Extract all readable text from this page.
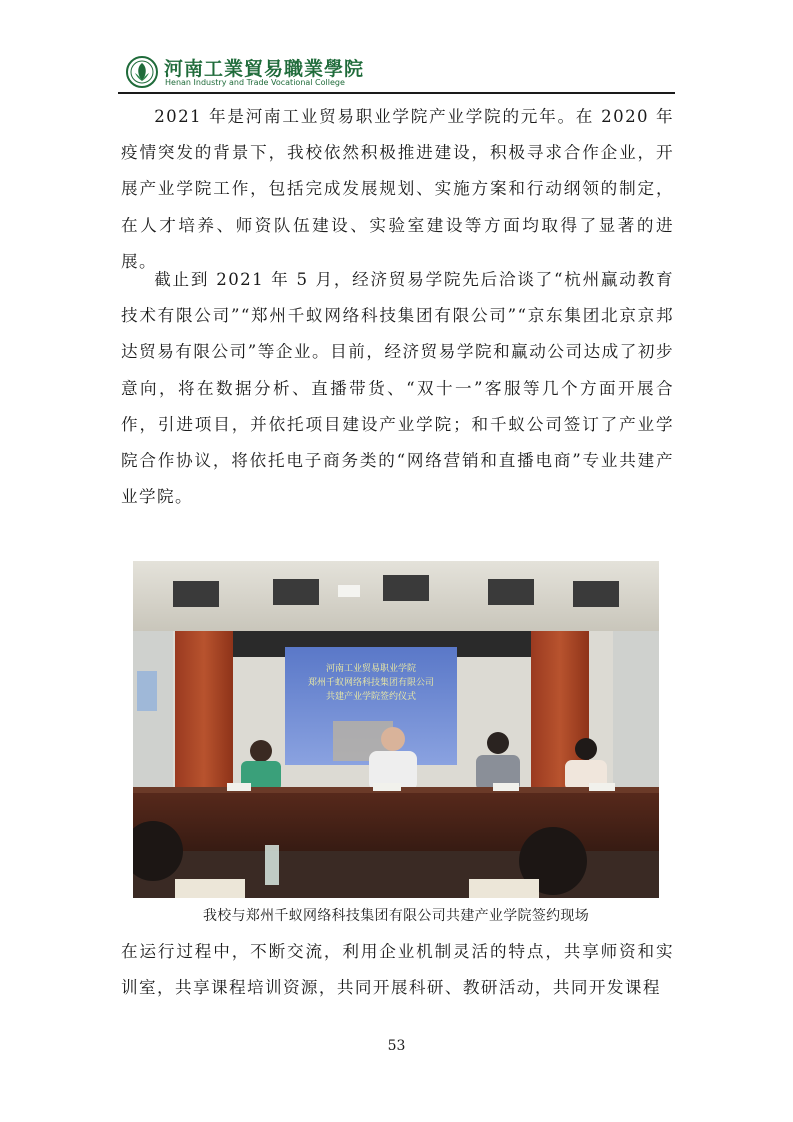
河南工業貿易職業學院
Henan Industry and Trade Vocational College

2021 年是河南工业贸易职业学院产业学院的元年。在 2020 年疫情突发的背景下，我校依然积极推进建设，积极寻求合作企业，开展产业学院工作，包括完成发展规划、实施方案和行动纲领的制定，在人才培养、师资队伍建设、实验室建设等方面均取得了显著的进展。

截止到 2021 年 5 月，经济贸易学院先后洽谈了“杭州赢动教育技术有限公司”“郑州千蚁网络科技集团有限公司”“京东集团北京京邦达贸易有限公司”等企业。目前，经济贸易学院和赢动公司达成了初步意向，将在数据分析、直播带货、“双十一”客服等几个方面开展合作，引进项目，并依托项目建设产业学院；和千蚁公司签订了产业学院合作协议，将依托电子商务类的“网络营销和直播电商”专业共建产业学院。

河南工业贸易职业学院
郑州千蚁网络科技集团有限公司
共建产业学院签约仪式
我校与郑州千蚁网络科技集团有限公司共建产业学院签约现场

在运行过程中，不断交流，利用企业机制灵活的特点，共享师资和实训室，共享课程培训资源，共同开展科研、教研活动，共同开发课程

53
